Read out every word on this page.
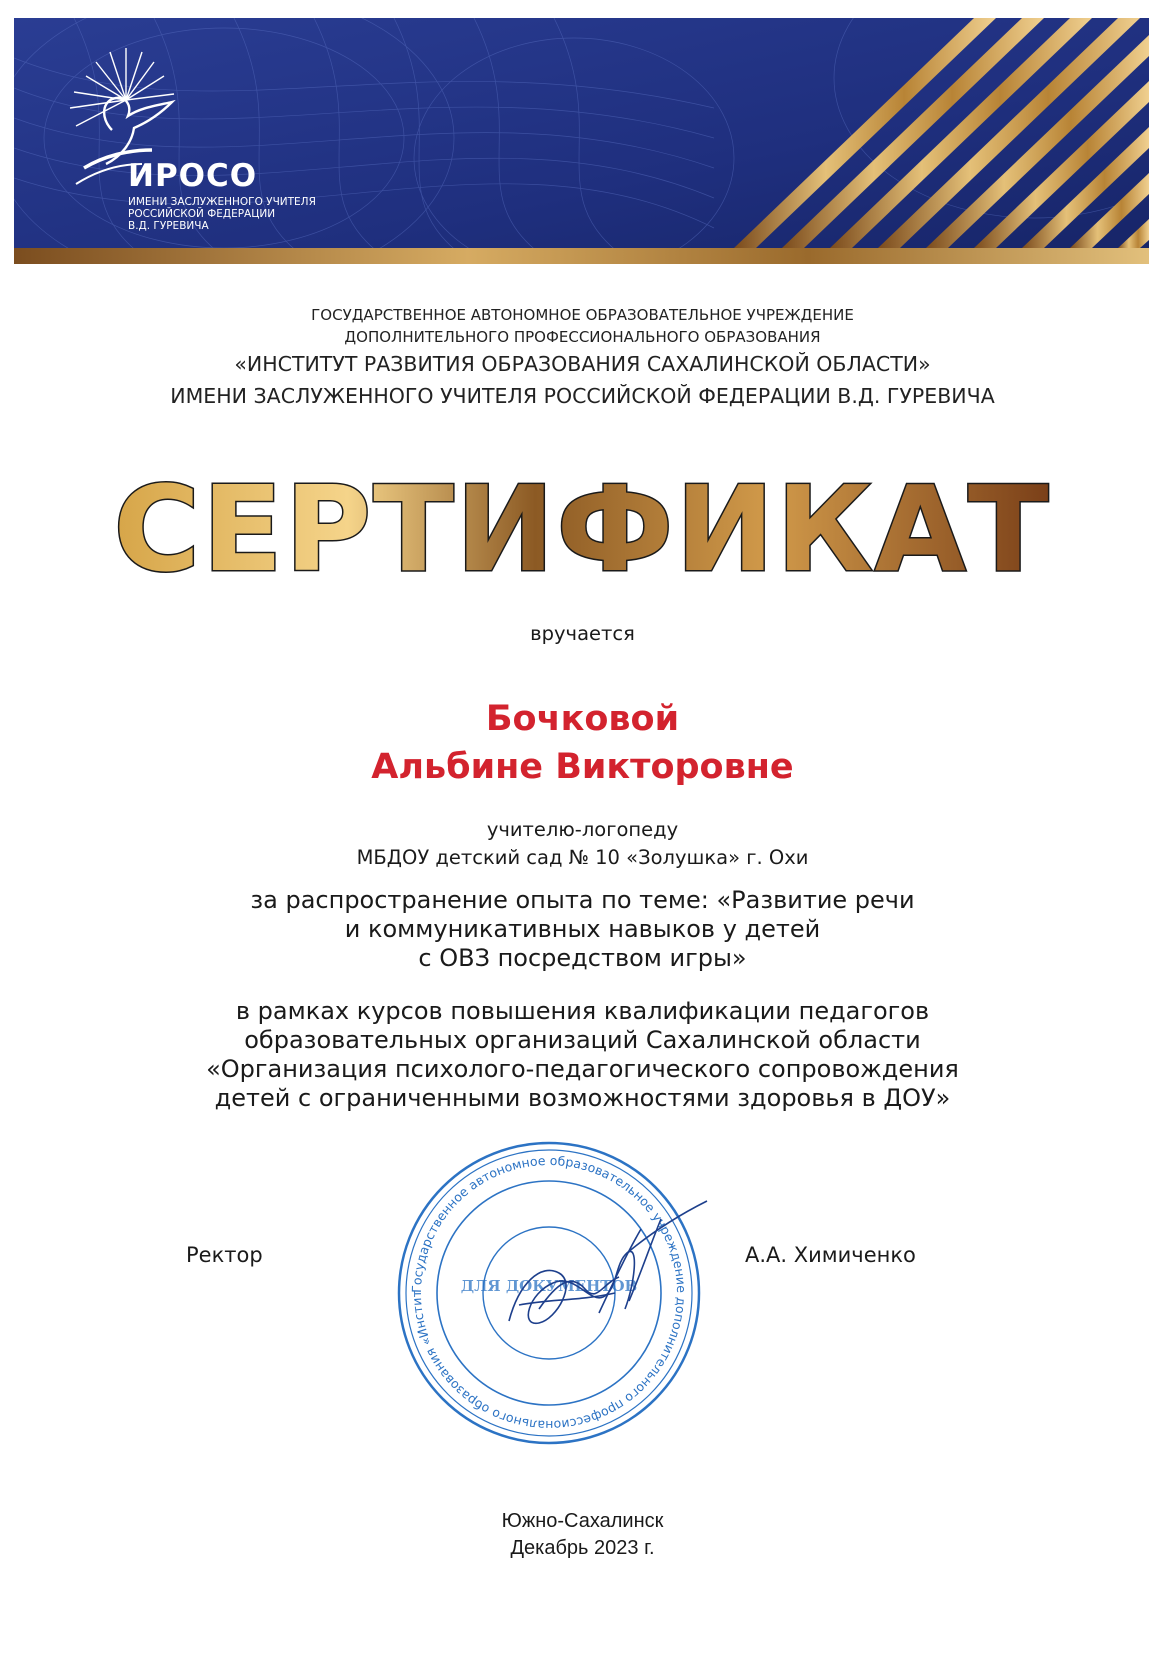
ИРОСО
ИМЕНИ ЗАСЛУЖЕННОГО УЧИТЕЛЯ
РОССИЙСКОЙ ФЕДЕРАЦИИ
В.Д. ГУРЕВИЧА
ГОСУДАРСТВЕННОЕ АВТОНОМНОЕ ОБРАЗОВАТЕЛЬНОЕ УЧРЕЖДЕНИЕ
ДОПОЛНИТЕЛЬНОГО ПРОФЕССИОНАЛЬНОГО ОБРАЗОВАНИЯ
«ИНСТИТУТ РАЗВИТИЯ ОБРАЗОВАНИЯ САХАЛИНСКОЙ ОБЛАСТИ»
ИМЕНИ ЗАСЛУЖЕННОГО УЧИТЕЛЯ РОССИЙСКОЙ ФЕДЕРАЦИИ В.Д. ГУРЕВИЧА
СЕРТИФИКАТ
вручается
Бочковой
Альбине Викторовне
учителю-логопеду
МБДОУ детский сад № 10 «Золушка» г. Охи
за распространение опыта по теме: «Развитие речи
и коммуникативных навыков у детей
с ОВЗ посредством игры»
в рамках курсов повышения квалификации педагогов
образовательных организаций Сахалинской области
«Организация психолого-педагогического сопровождения
детей с ограниченными возможностями здоровья в ДОУ»
Государственное автономное образовательное учреждение дополнительного профессионального образования «Инстит	ДЛЯ ДОКУМЕНТОВ
Ректор	А.А. Химиченко
Южно-Сахалинск
Декабрь 2023 г.
